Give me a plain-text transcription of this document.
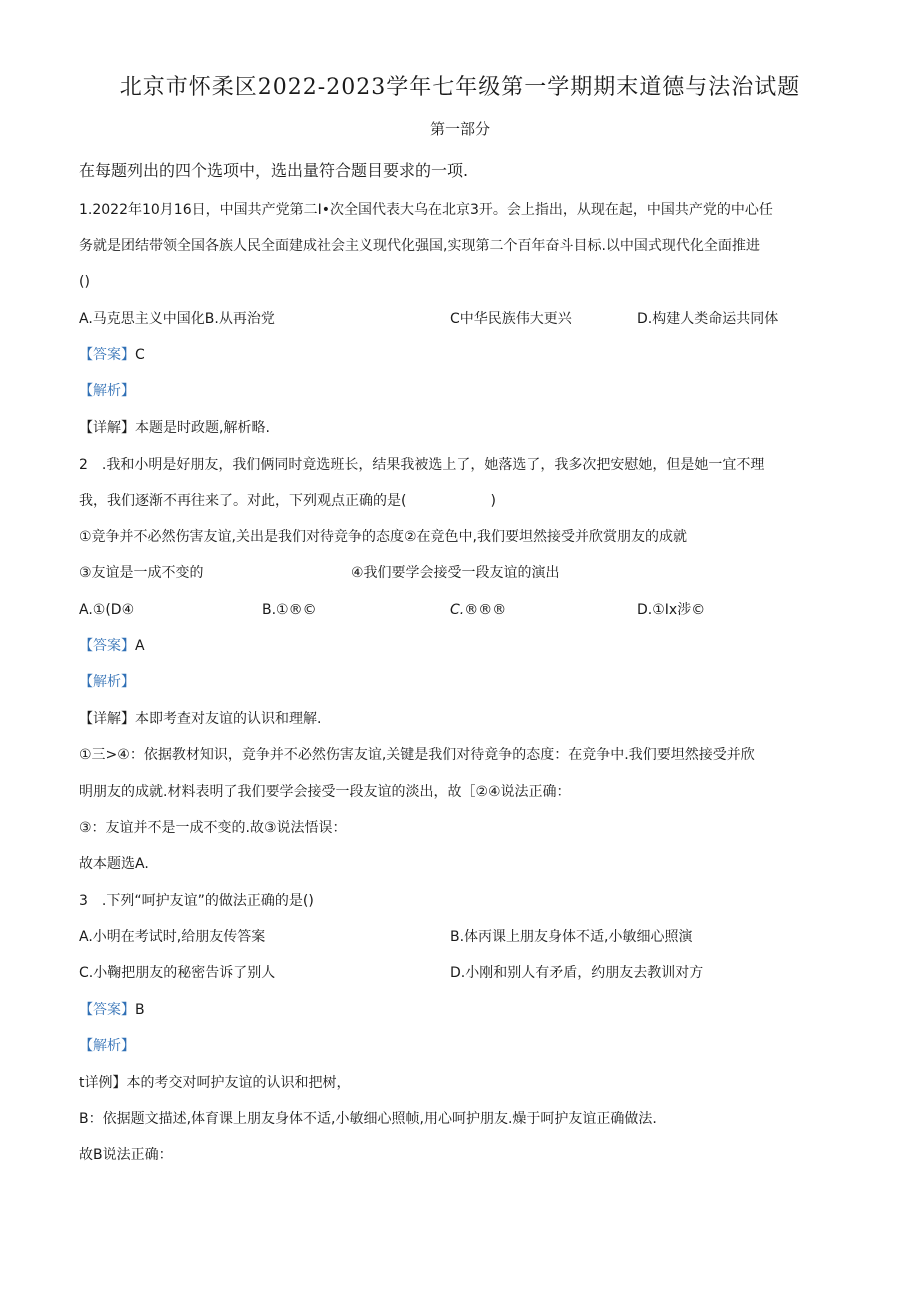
北京市怀柔区2022-2023学年七年级第一学期期末道德与法治试题
第一部分
在每题列出的四个选项中，选出量符合题目要求的一项.
1.2022年10月16日，中国共产党第二I•次全国代表大乌在北京3开。会上指出，从现在起，中国共产党的中心任
务就是团结带领全国各族人民全面建成社会主义现代化强国,实现第二个百年奋斗目标.以中国式现代化全面推进
()
A.马克思主义中国化B.从再治党	C中华民族伟大更兴	D.构建人类命运共同体
【答案】C
【解析】
【详解】本题是时政题,解析略.
2　.我和小明是好朋友，我们俩同时竟选班长，结果我被选上了，她落选了，我多次把安慰她，但是她一宜不理
我，我们逐渐不再往来了。对此，下列观点正确的是(　　　　　　)
①竞争并不必然伤害友谊,关出是我们对待竞争的态度②在竞色中,我们要坦然接受并欣赏朋友的成就
③友谊是一成不变的	④我们要学会接受一段友谊的演出
A.①(D④	B.①®©	C.®®®	D.①Ix涉©
【答案】A
【解析】
【详解】本即考查对友谊的认识和理解.
①三>④：依据教材知识，竞争并不必然伤害友谊,关键是我们对待竟争的态度：在竞争中.我们要坦然接受并欣
明朋友的成就.材料表明了我们要学会接受一段友谊的淡出，故［②④说法正确：
③：友谊并不是一成不变的.故③说法悟误：
故本题选A.
3　.下列“呵护友谊”的做法正确的是()
A.小明在考试时,给朋友传答案	B.体丙课上朋友身体不适,小敏细心照演
C.小鞠把朋友的秘密告诉了别人	D.小刚和别人有矛盾，约朋友去教训对方
【答案】B
【解析】
t详例】本的考交对呵护友谊的认识和把树，
B：依据题文描述,体育课上朋友身体不适,小敏细心照帧,用心呵护朋友.燥于呵护友谊正确做法.
故B说法正确：
